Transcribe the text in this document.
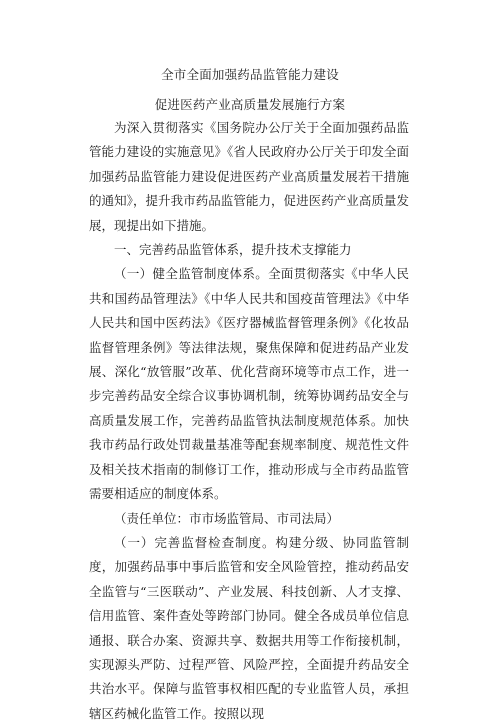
全市全面加强药品监管能力建设
促进医药产业高质量发展施行方案

为深入贯彻落实《国务院办公厅关于全面加强药品监管能力建设的实施意见》《省人民政府办公厅关于印发全面加强药品监管能力建设促进医药产业高质量发展若干措施的通知》，提升我市药品监管能力，促进医药产业高质量发展，现提出如下措施。

一、完善药品监管体系，提升技术支撑能力

（一）健全监管制度体系。全面贯彻落实《中华人民共和国药品管理法》《中华人民共和国疫苗管理法》《中华人民共和国中医药法》《医疗器械监督管理条例》《化妆品监督管理条例》等法律法规，聚焦保障和促进药品产业发展、深化“放管服”改革、优化营商环境等市点工作，进一步完善药品安全综合议事协调机制，统筹协调药品安全与高质量发展工作，完善药品监管执法制度规范体系。加快我市药品行政处罚裁量基准等配套规率制度、规范性文件及相关技术指南的制修订工作，推动形成与全市药品监管需要相适应的制度体系。

（责任单位：市市场监管局、市司法局）

（一）完善监督检查制度。构建分级、协同监管制度，加强药品事中事后监管和安全风险管控，推动药品安全监管与“三医联动”、产业发展、科技创新、人才支撑、信用监管、案件查处等跨部门协同。健全各成员单位信息通报、联合办案、资源共享、数据共用等工作衔接机制，实现源头严防、过程严管、风险严控，全面提升药品安全共治水平。保障与监管事权相匹配的专业监管人员，承担辖区药械化监管工作。按照以现
